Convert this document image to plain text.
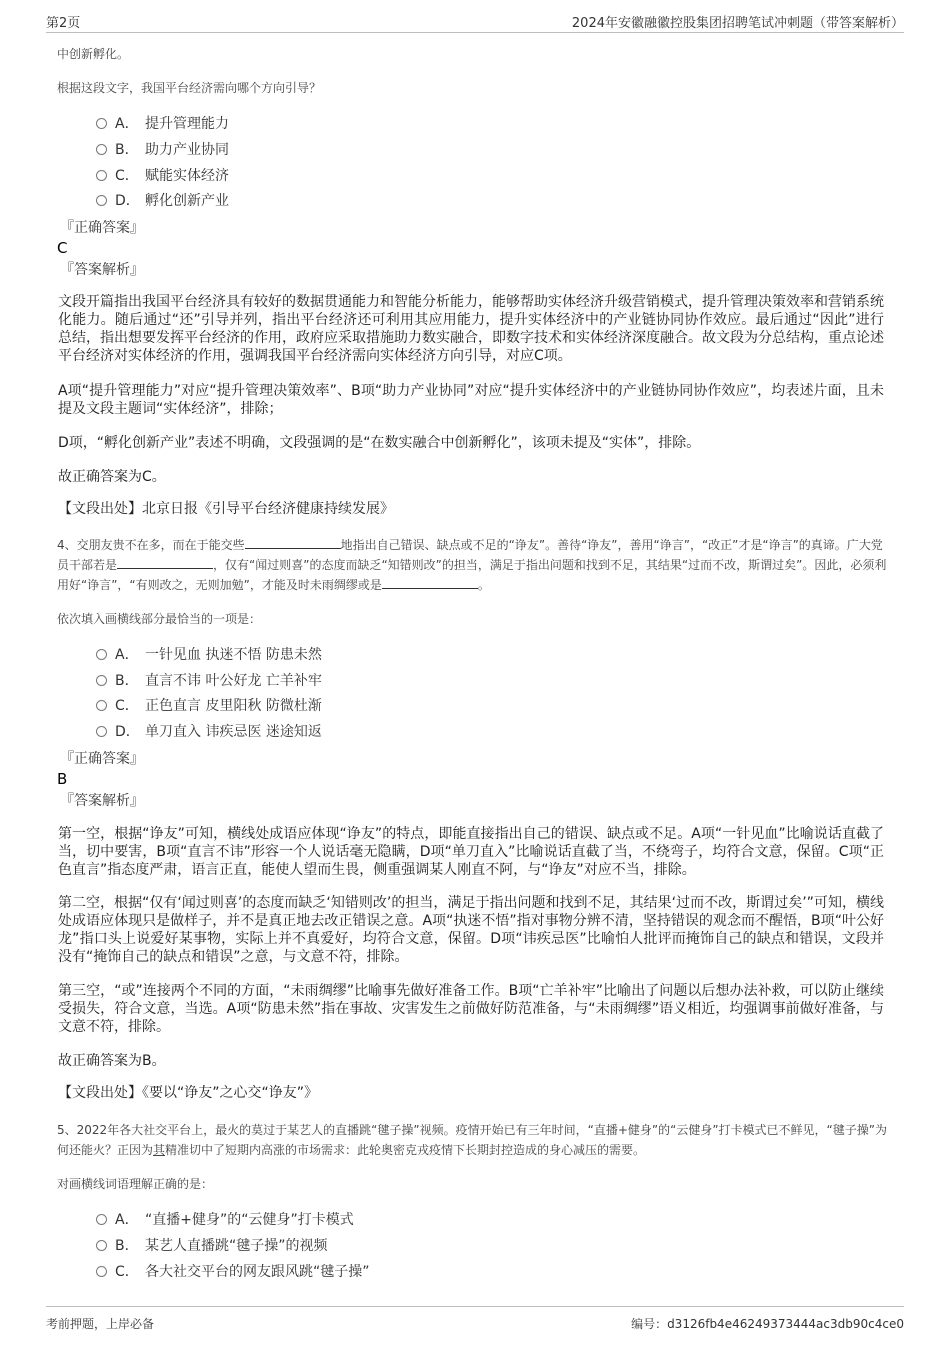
第2页	2024年安徽融徽控股集团招聘笔试冲刺题（带答案解析）
中创新孵化。
根据这段文字，我国平台经济需向哪个方向引导？
A． 提升管理能力
B． 助力产业协同
C． 赋能实体经济
D． 孵化创新产业
『正确答案』
C
『答案解析』
文段开篇指出我国平台经济具有较好的数据贯通能力和智能分析能力，能够帮助实体经济升级营销模式，提升管理决策效率和营销系统化能力。随后通过“还”引导并列，指出平台经济还可利用其应用能力，提升实体经济中的产业链协同协作效应。最后通过“因此”进行总结，指出想要发挥平台经济的作用，政府应采取措施助力数实融合，即数字技术和实体经济深度融合。故文段为分总结构，重点论述平台经济对实体经济的作用，强调我国平台经济需向实体经济方向引导，对应C项。
A项“提升管理能力”对应“提升管理决策效率”、B项“助力产业协同”对应“提升实体经济中的产业链协同协作效应”，均表述片面，且未提及文段主题词“实体经济”，排除；
D项，“孵化创新产业”表述不明确，文段强调的是“在数实融合中创新孵化”，该项未提及“实体”，排除。
故正确答案为C。
【文段出处】北京日报《引导平台经济健康持续发展》
4、交朋友贵不在多，而在于能交些	地指出自己错误、缺点或不足的“诤友”。善待“诤友”，善用“诤言”，“改正”才是“诤言”的真谛。广大党员干部若是	，仅有“闻过则喜”的态度而缺乏“知错则改”的担当，满足于指出问题和找到不足，其结果“过而不改，斯谓过矣”。因此，必须利用好“诤言”，“有则改之，无则加勉”，才能及时未雨绸缪或是	。
依次填入画横线部分最恰当的一项是：
A． 一针见血 执迷不悟 防患未然
B． 直言不讳 叶公好龙 亡羊补牢
C． 正色直言 皮里阳秋 防微杜渐
D． 单刀直入 讳疾忌医 迷途知返
『正确答案』
B
『答案解析』
第一空，根据“诤友”可知，横线处成语应体现“诤友”的特点，即能直接指出自己的错误、缺点或不足。A项“一针见血”比喻说话直截了当，切中要害，B项“直言不讳”形容一个人说话毫无隐瞒，D项“单刀直入”比喻说话直截了当，不绕弯子，均符合文意，保留。C项“正色直言”指态度严肃，语言正直，能使人望而生畏，侧重强调某人刚直不阿，与“诤友”对应不当，排除。
第二空，根据“仅有‘闻过则喜’的态度而缺乏‘知错则改’的担当，满足于指出问题和找到不足，其结果‘过而不改，斯谓过矣’”可知，横线处成语应体现只是做样子，并不是真正地去改正错误之意。A项“执迷不悟”指对事物分辨不清，坚持错误的观念而不醒悟，B项“叶公好龙”指口头上说爱好某事物，实际上并不真爱好，均符合文意，保留。D项“讳疾忌医”比喻怕人批评而掩饰自己的缺点和错误，文段并没有“掩饰自己的缺点和错误”之意，与文意不符，排除。
第三空，“或”连接两个不同的方面，“未雨绸缪”比喻事先做好准备工作。B项“亡羊补牢”比喻出了问题以后想办法补救，可以防止继续受损失，符合文意，当选。A项“防患未然”指在事故、灾害发生之前做好防范准备，与“未雨绸缪”语义相近，均强调事前做好准备，与文意不符，排除。
故正确答案为B。
【文段出处】《要以“诤友”之心交“诤友”》
5、2022年各大社交平台上，最火的莫过于某艺人的直播跳“毽子操”视频。疫情开始已有三年时间，“直播+健身”的“云健身”打卡模式已不鲜见，“毽子操”为何还能火？正因为其精准切中了短期内高涨的市场需求：此轮奥密克戎疫情下长期封控造成的身心减压的需要。
对画横线词语理解正确的是：
A． “直播+健身”的“云健身”打卡模式
B． 某艺人直播跳“毽子操”的视频
C． 各大社交平台的网友跟风跳“毽子操”
考前押题，上岸必备	编号：d3126fb4e46249373444ac3db90c4ce0
